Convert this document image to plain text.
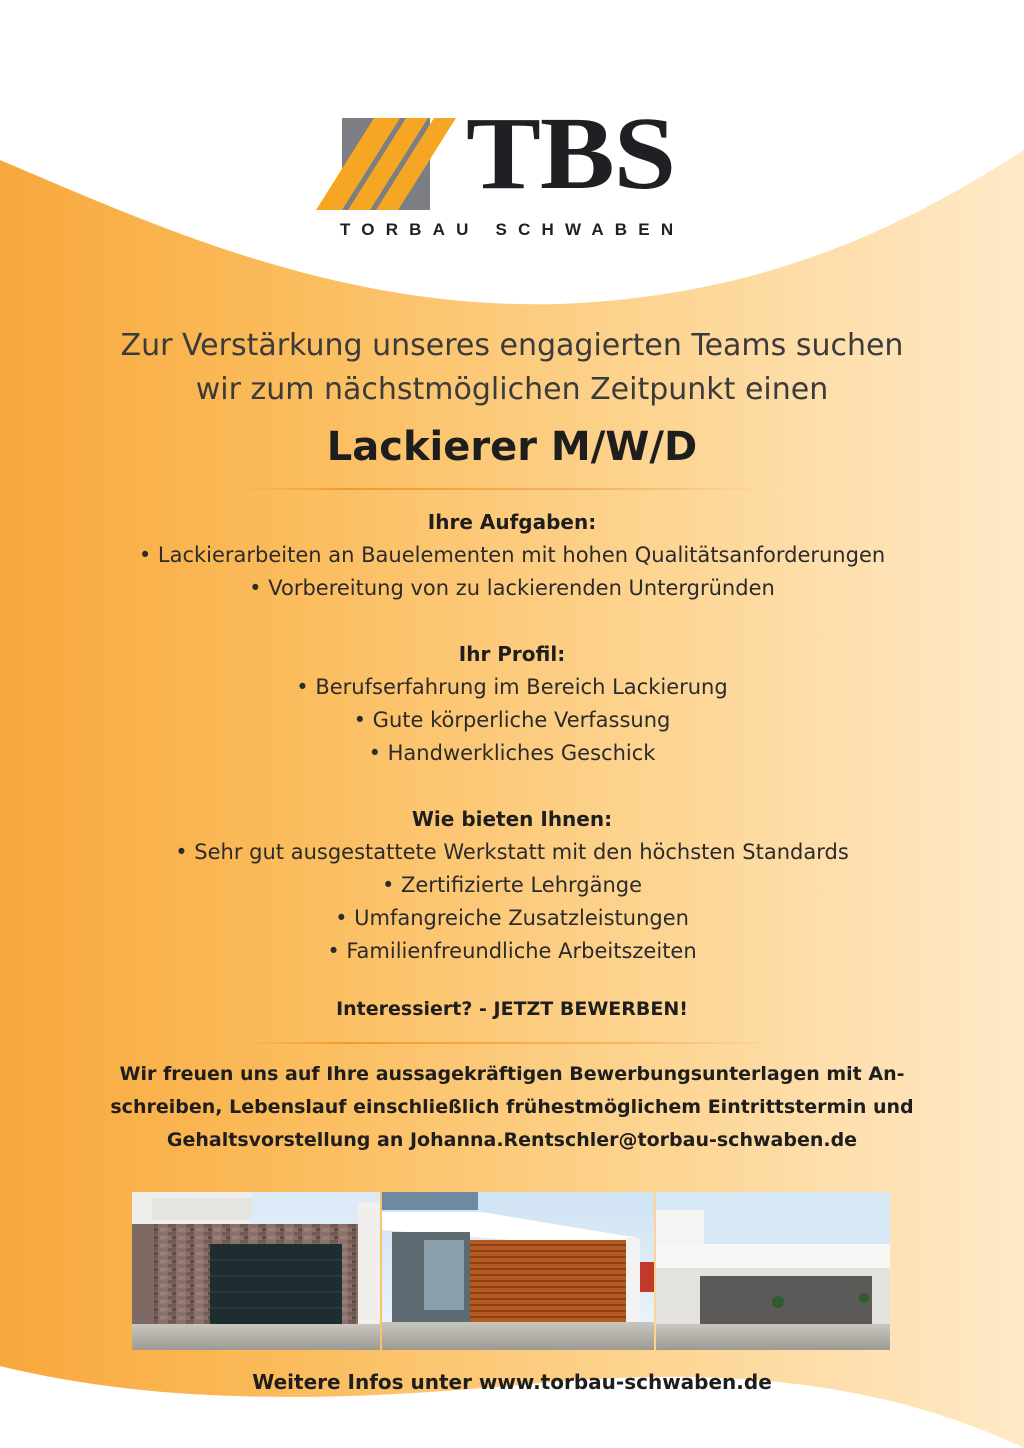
TBS
TORBAU SCHWABEN
Zur Verstärkung unseres engagierten Teams suchen
wir zum nächstmöglichen Zeitpunkt einen
Lackierer M/W/D
Ihre Aufgaben:
• Lackierarbeiten an Bauelementen mit hohen Qualitätsanforderungen
• Vorbereitung von zu lackierenden Untergründen
Ihr Profil:
• Berufserfahrung im Bereich Lackierung
• Gute körperliche Verfassung
• Handwerkliches Geschick
Wie bieten Ihnen:
• Sehr gut ausgestattete Werkstatt mit den höchsten Standards
• Zertifizierte Lehrgänge
• Umfangreiche Zusatzleistungen
• Familienfreundliche Arbeitszeiten
Interessiert? - JETZT BEWERBEN!
Wir freuen uns auf Ihre aussagekräftigen Bewerbungsunterlagen mit An-
schreiben, Lebenslauf einschließlich frühestmöglichem Eintrittstermin und
Gehaltsvorstellung an Johanna.Rentschler@torbau-schwaben.de
Weitere Infos unter www.torbau-schwaben.de
